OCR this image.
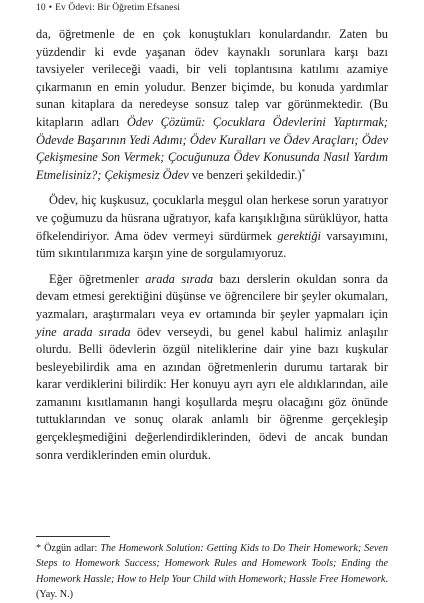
10 • Ev Ödevi: Bir Öğretim Efsanesi

da, öğretmenle de en çok konuştukları konulardandır. Zaten bu yüzdendir ki evde yaşanan ödev kaynaklı sorunlara karşı bazı tavsiyeler verileceği vaadi, bir veli toplantısına katılımı azamiye çıkarmanın en emin yoludur. Benzer biçimde, bu konuda yardımlar sunan kitaplara da neredeyse sonsuz talep var görünmektedir. (Bu kitapların adları Ödev Çözümü: Çocuklara Ödevlerini Yaptırmak; Ödevde Başarının Yedi Adımı; Ödev Kuralları ve Ödev Araçları; Ödev Çekişmesine Son Vermek; Çocuğunuza Ödev Konusunda Nasıl Yardım Etmelisiniz?; Çekişmesiz Ödev ve benzeri şekildedir.)*

Ödev, hiç kuşkusuz, çocuklarla meşgul olan herkese sorun yaratıyor ve çoğumuzu da hüsrana uğratıyor, kafa karışıklığına sürüklüyor, hatta öfkelendiriyor. Ama ödev vermeyi sürdürmek gerektiği varsayımını, tüm sıkıntılarımıza karşın yine de sorgulamıyoruz.

Eğer öğretmenler arada sırada bazı derslerin okuldan sonra da devam etmesi gerektiğini düşünse ve öğrencilere bir şeyler okumaları, yazmaları, araştırmaları veya ev ortamında bir şeyler yapmaları için yine arada sırada ödev verseydi, bu genel kabul halimiz anlaşılır olurdu. Belli ödevlerin özgül niteliklerine dair yine bazı kuşkular besleyebilirdik ama en azından öğretmenlerin durumu tartarak bir karar verdiklerini bilirdik: Her konuyu ayrı ayrı ele aldıklarından, aile zamanını kısıtlamanın hangi koşullarda meşru olacağını göz önünde tuttuklarından ve sonuç olarak anlamlı bir öğrenme gerçekleşip gerçekleşmediğini değerlendirdiklerinden, ödevi de ancak bundan sonra verdiklerinden emin olurduk.

* Özgün adlar: The Homework Solution: Getting Kids to Do Their Homework; Seven Steps to Homework Success; Homework Rules and Homework Tools; Ending the Homework Hassle; How to Help Your Child with Homework; Hassle Free Homework. (Yay. N.)
